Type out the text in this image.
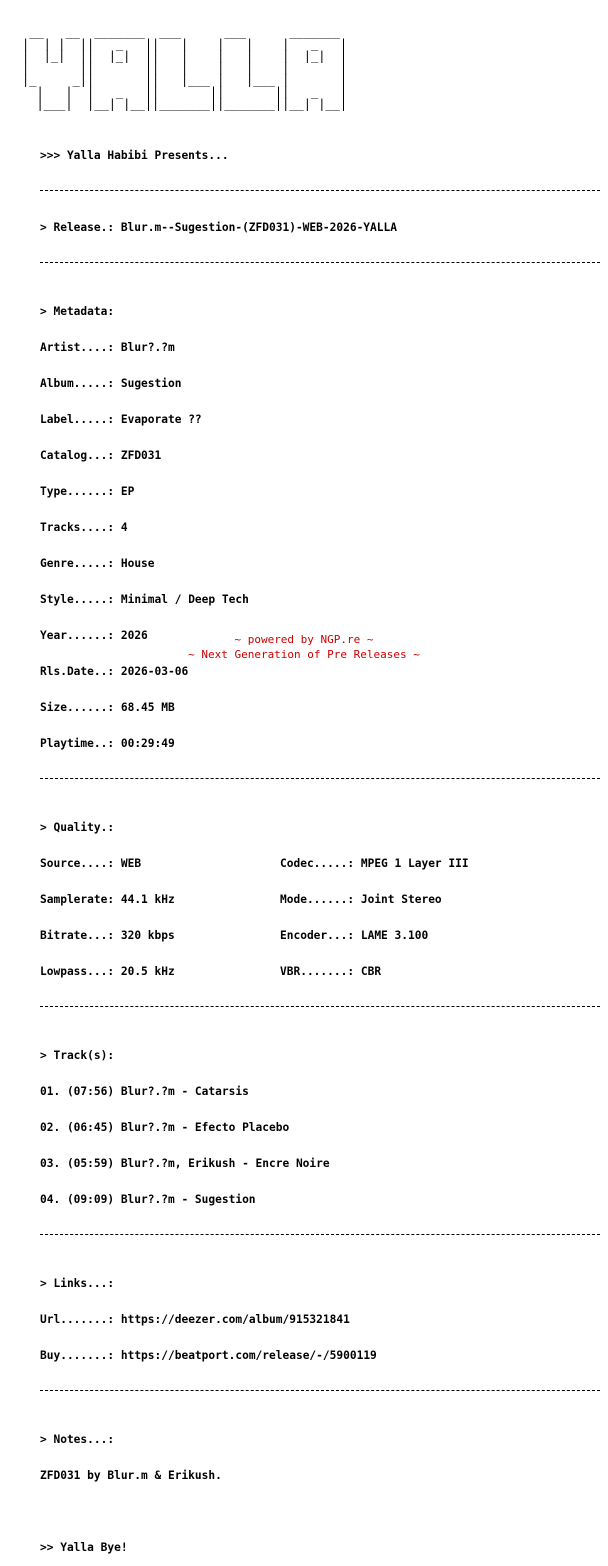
__   __  _______  ___      ___      _______
|  | |  ||   _   ||   |    |   |    |   _   |
|  |_|  ||  |_|  ||   |    |   |    |  |_|  |
|       ||       ||   |    |   |    |       |
|_     _||       ||   |___ |   |___ |       |
|   |  |   _   ||       ||       ||   _   |
|___|  |__| |__||_______||_______||__| |__|

>>> Yalla Habibi Presents...

> Release.: Blur.m--Sugestion-(ZFD031)-WEB-2026-YALLA

> Metadata:

Artist....: Blur?.?m

Album.....: Sugestion

Label.....: Evaporate ??

Catalog...: ZFD031

Type......: EP

Tracks....: 4

Genre.....: House

Style.....: Minimal / Deep Tech

Year......: 2026

Rls.Date..: 2026-03-06

Size......: 68.45 MB

Playtime..: 00:29:49

> Quality.:

Source....: WEB	Codec.....: MPEG 1 Layer III

Samplerate: 44.1 kHz	Mode......: Joint Stereo

Bitrate...: 320 kbps	Encoder...: LAME 3.100

Lowpass...: 20.5 kHz	VBR.......: CBR

> Track(s):

01. (07:56) Blur?.?m - Catarsis

02. (06:45) Blur?.?m - Efecto Placebo

03. (05:59) Blur?.?m, Erikush - Encre Noire

04. (09:09) Blur?.?m - Sugestion

> Links...:

Url.......: https://deezer.com/album/915321841

Buy.......: https://beatport.com/release/-/5900119

> Notes...:

ZFD031 by Blur.m & Erikush.

>> Yalla Bye!

~ powered by NGP.re ~
~ Next Generation of Pre Releases ~
